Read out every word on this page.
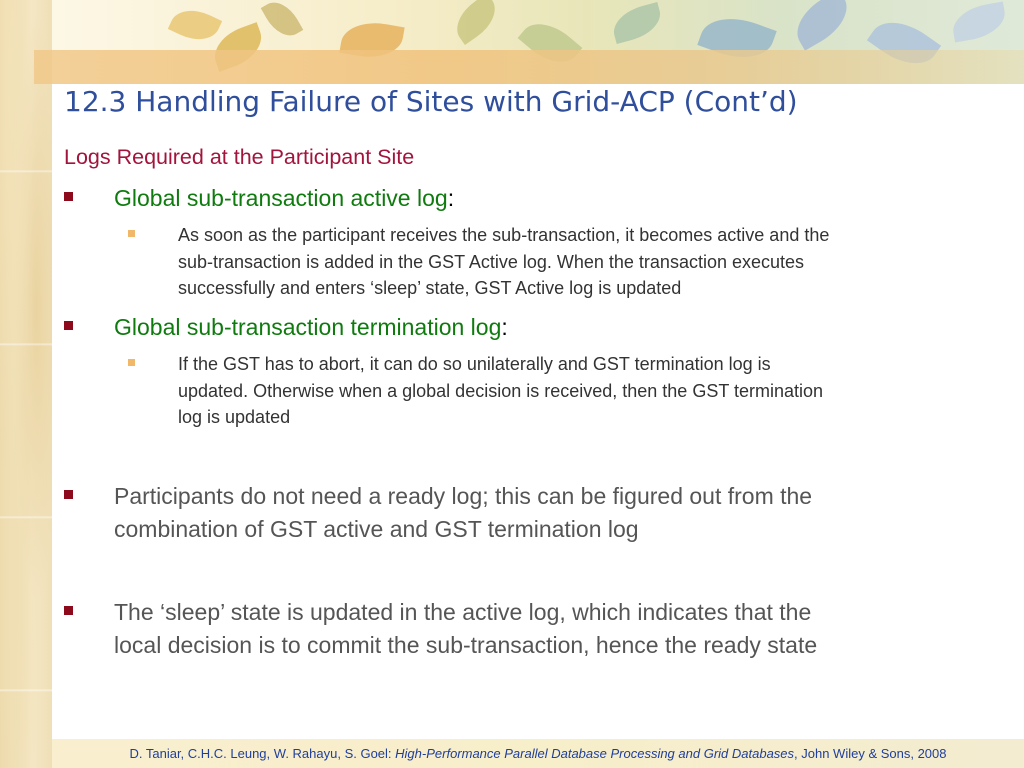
12.3 Handling Failure of Sites with Grid-ACP (Cont’d)
Logs Required at the Participant Site
Global sub-transaction active log:
As soon as the participant receives the sub-transaction, it becomes active and the
sub-transaction is added in the GST Active log. When the transaction executes
successfully and enters ‘sleep’ state, GST Active log is updated
Global sub-transaction termination log:
If the GST has to abort, it can do so unilaterally and GST termination log is
updated. Otherwise when a global decision is received, then the GST termination
log is updated
Participants do not need a ready log; this can be figured out from the
combination of GST active and GST termination log
The ‘sleep’ state is updated in the active log, which indicates that the
local decision is to commit the sub-transaction, hence the ready state
D. Taniar, C.H.C. Leung, W. Rahayu, S. Goel: High-Performance Parallel Database Processing and Grid Databases, John Wiley & Sons, 2008
